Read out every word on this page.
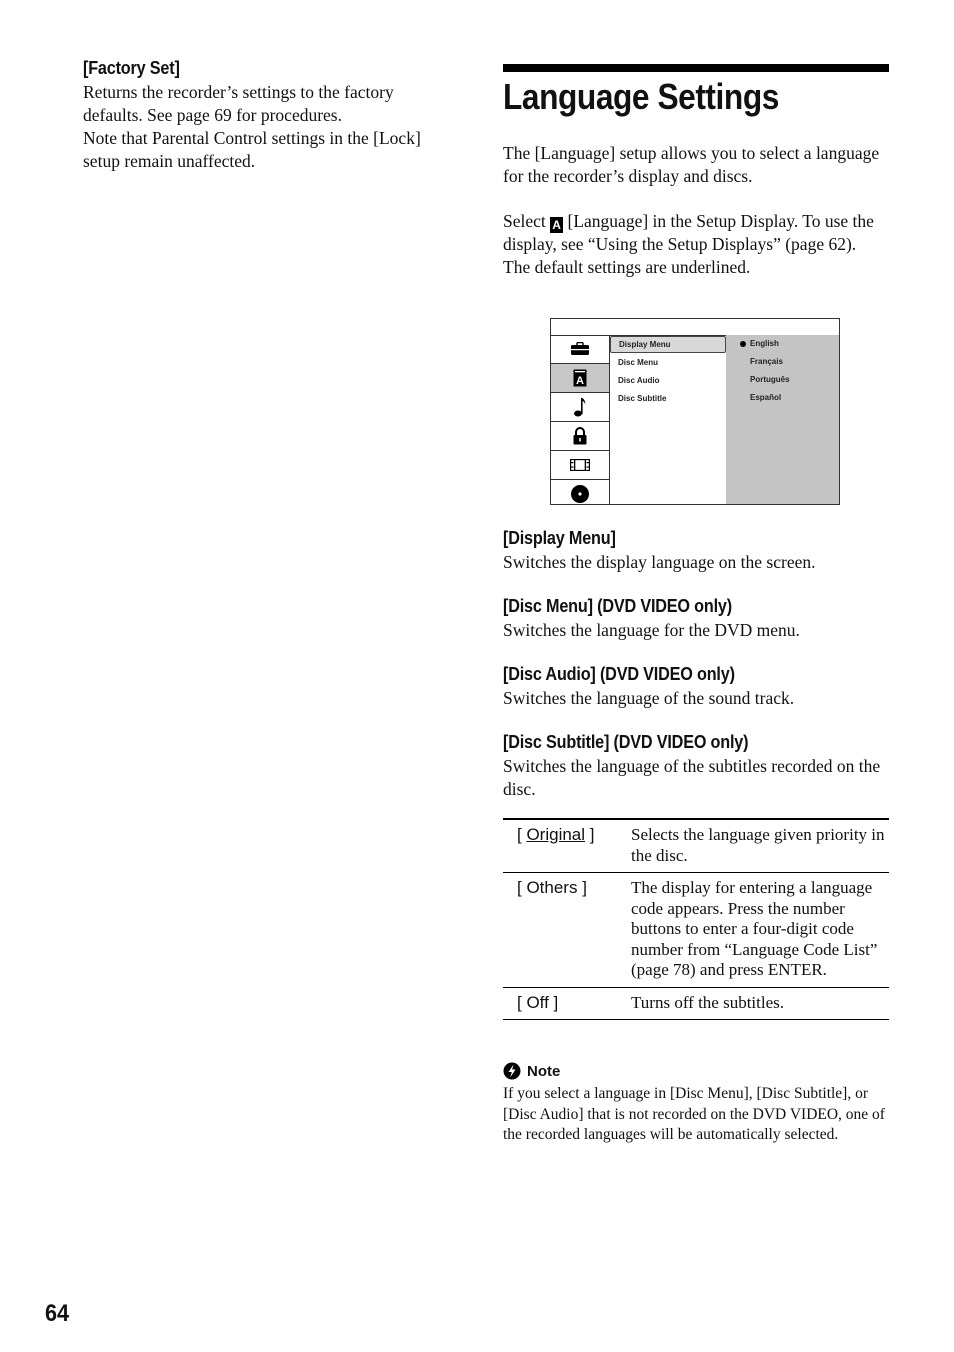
[Factory Set]

Returns the recorder’s settings to the factory

defaults. See page 69 for procedures.

Note that Parental Control settings in the [Lock]

setup remain unaffected.

Language Settings

The [Language] setup allows you to select a language for the recorder’s display and discs.

Select A [Language] in the Setup Display. To use the display, see “Using the Setup Displays” (page 62).

The default settings are underlined.

A
Display Menu
Disc Menu
Disc Audio
Disc Subtitle
English
Français
Português
Español
[Display Menu]

Switches the display language on the screen.

[Disc Menu] (DVD VIDEO only)

Switches the language for the DVD menu.

[Disc Audio] (DVD VIDEO only)

Switches the language of the sound track.

[Disc Subtitle] (DVD VIDEO only)

Switches the language of the subtitles recorded on the disc.

[ Original ]	Selects the language given priority in the disc.
[ Others ]	The display for entering a language code appears. Press the number buttons to enter a four-digit code number from “Language Code List” (page 78) and press ENTER.
[ Off ]	Turns off the subtitles.
Note

If you select a language in [Disc Menu], [Disc Subtitle], or [Disc Audio] that is not recorded on the DVD VIDEO, one of the recorded languages will be automatically selected.

64
